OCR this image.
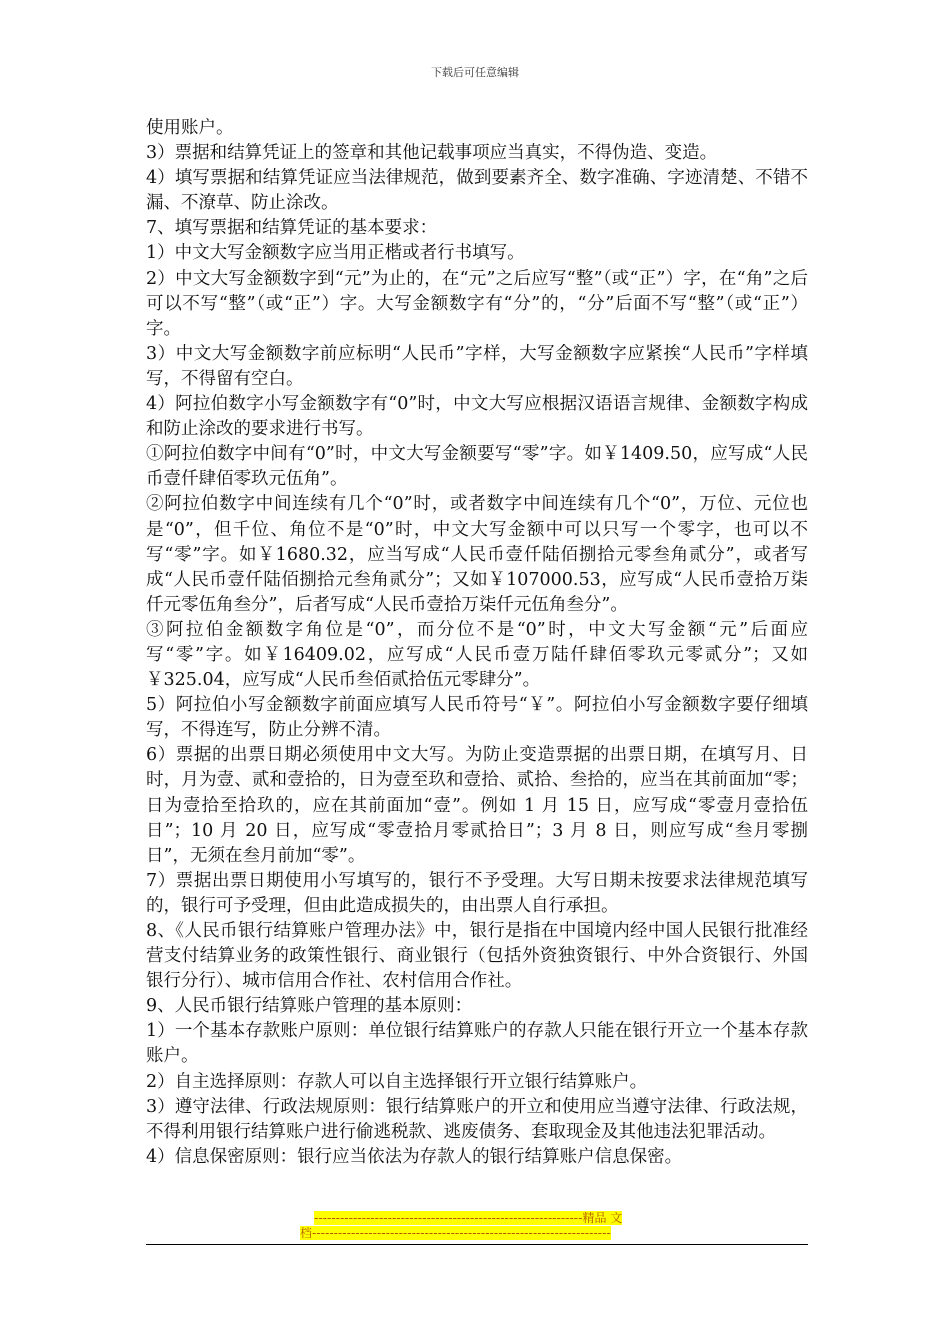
下载后可任意编辑

使用账户。

3）票据和结算凭证上的签章和其他记载事项应当真实，不得伪造、变造。

4）填写票据和结算凭证应当法律规范，做到要素齐全、数字准确、字迹清楚、不错不漏、不潦草、防止涂改。

7、填写票据和结算凭证的基本要求：

1）中文大写金额数字应当用正楷或者行书填写。

2）中文大写金额数字到“元”为止的，在“元”之后应写“整”（或“正”）字，在“角”之后可以不写“整”（或“正”）字。大写金额数字有“分”的，“分”后面不写“整”（或“正”）字。

3）中文大写金额数字前应标明“人民币”字样，大写金额数字应紧挨“人民币”字样填写，不得留有空白。

4）阿拉伯数字小写金额数字有“0”时，中文大写应根据汉语语言规律、金额数字构成和防止涂改的要求进行书写。

①阿拉伯数字中间有“0”时，中文大写金额要写“零”字。如￥1409.50，应写成“人民币壹仟肆佰零玖元伍角”。

②阿拉伯数字中间连续有几个“0”时，或者数字中间连续有几个“0”，万位、元位也是“0”，但千位、角位不是“0”时，中文大写金额中可以只写一个零字，也可以不写“零”字。如￥1680.32，应当写成“人民币壹仟陆佰捌拾元零叁角贰分”，或者写成“人民币壹仟陆佰捌拾元叁角贰分”；又如￥107000.53，应写成“人民币壹拾万柒仟元零伍角叁分”，后者写成“人民币壹拾万柒仟元伍角叁分”。

③阿拉伯金额数字角位是“0”，而分位不是“0”时，中文大写金额“元”后面应写“零”字。如￥16409.02，应写成“人民币壹万陆仟肆佰零玖元零贰分”；又如￥325.04，应写成“人民币叁佰贰拾伍元零肆分”。

5）阿拉伯小写金额数字前面应填写人民币符号“￥”。阿拉伯小写金额数字要仔细填写，不得连写，防止分辨不清。

6）票据的出票日期必须使用中文大写。为防止变造票据的出票日期，在填写月、日时，月为壹、贰和壹拾的，日为壹至玖和壹拾、贰拾、叁拾的，应当在其前面加“零；日为壹拾至拾玖的，应在其前面加“壹”。例如 1 月 15 日，应写成“零壹月壹拾伍日”；10 月 20 日，应写成“零壹拾月零贰拾日”；3 月 8 日，则应写成“叁月零捌日”，无须在叁月前加“零”。

7）票据出票日期使用小写填写的，银行不予受理。大写日期未按要求法律规范填写的，银行可予受理，但由此造成损失的，由出票人自行承担。

8、《人民币银行结算账户管理办法》中，银行是指在中国境内经中国人民银行批准经营支付结算业务的政策性银行、商业银行（包括外资独资银行、中外合资银行、外国银行分行）、城市信用合作社、农村信用合作社。

9、人民币银行结算账户管理的基本原则：

1）一个基本存款账户原则：单位银行结算账户的存款人只能在银行开立一个基本存款账户。

2）自主选择原则：存款人可以自主选择银行开立银行结算账户。

3）遵守法律、行政法规原则：银行结算账户的开立和使用应当遵守法律、行政法规，不得利用银行结算账户进行偷逃税款、逃废债务、套取现金及其他违法犯罪活动。

4）信息保密原则：银行应当依法为存款人的银行结算账户信息保密。

--------------------------------------------------------------精品 文
档---------------------------------------------------------------------
